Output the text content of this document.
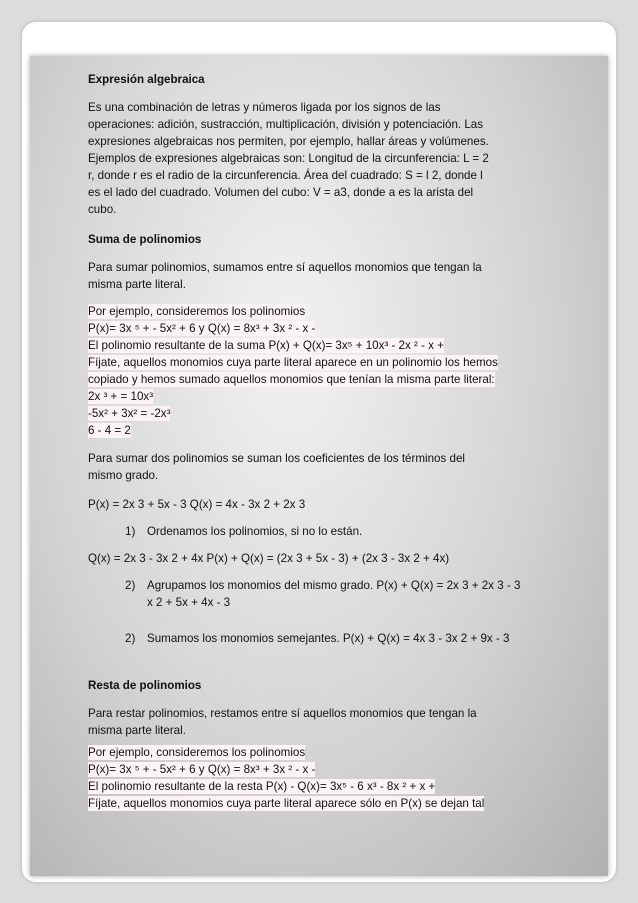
Expresión algebraica
Es una combinación de letras y números ligada por los signos de las
operaciones: adición, sustracción, multiplicación, división y potenciación. Las
expresiones algebraicas nos permiten, por ejemplo, hallar áreas y volúmenes.
Ejemplos de expresiones algebraicas son: Longitud de la circunferencia: L = 2
r, donde r es el radio de la circunferencia. Área del cuadrado: S = l 2, donde l
es el lado del cuadrado. Volumen del cubo: V = a3, donde a es la arista del
cubo.
Suma de polinomios
Para sumar polinomios, sumamos entre sí aquellos monomios que tengan la
misma parte literal.
Por ejemplo, consideremos los polinomios
P(x)= 3x ⁵ + - 5x² + 6 y Q(x) = 8x³ + 3x ² - x -
El polinomio resultante de la suma P(x) + Q(x)= 3x⁵ + 10x³ - 2x ² - x +
Fíjate, aquellos monomios cuya parte literal aparece en un polinomio los hemos
copiado y hemos sumado aquellos monomios que tenían la misma parte literal:
2x ³ + = 10x³
-5x² + 3x² = -2x³
6 - 4 = 2
Para sumar dos polinomios se suman los coeficientes de los términos del
mismo grado.
P(x) = 2x 3 + 5x - 3 Q(x) = 4x - 3x 2 + 2x 3
1) Ordenamos los polinomios, si no lo están.
Q(x) = 2x 3 - 3x 2 + 4x P(x) + Q(x) = (2x 3 + 5x - 3) + (2x 3 - 3x 2 + 4x)
2) Agrupamos los monomios del mismo grado. P(x) + Q(x) = 2x 3 + 2x 3 - 3
x 2 + 5x + 4x - 3
2) Sumamos los monomios semejantes. P(x) + Q(x) = 4x 3 - 3x 2 + 9x - 3
Resta de polinomios
Para restar polinomios, restamos entre sí aquellos monomios que tengan la
misma parte literal.
Por ejemplo, consideremos los polinomios
P(x)= 3x ⁵ + - 5x² + 6 y Q(x) = 8x³ + 3x ² - x -
El polinomio resultante de la resta P(x) - Q(x)= 3x⁵ - 6 x³ - 8x ² + x +
Fíjate, aquellos monomios cuya parte literal aparece sólo en P(x) se dejan tal
